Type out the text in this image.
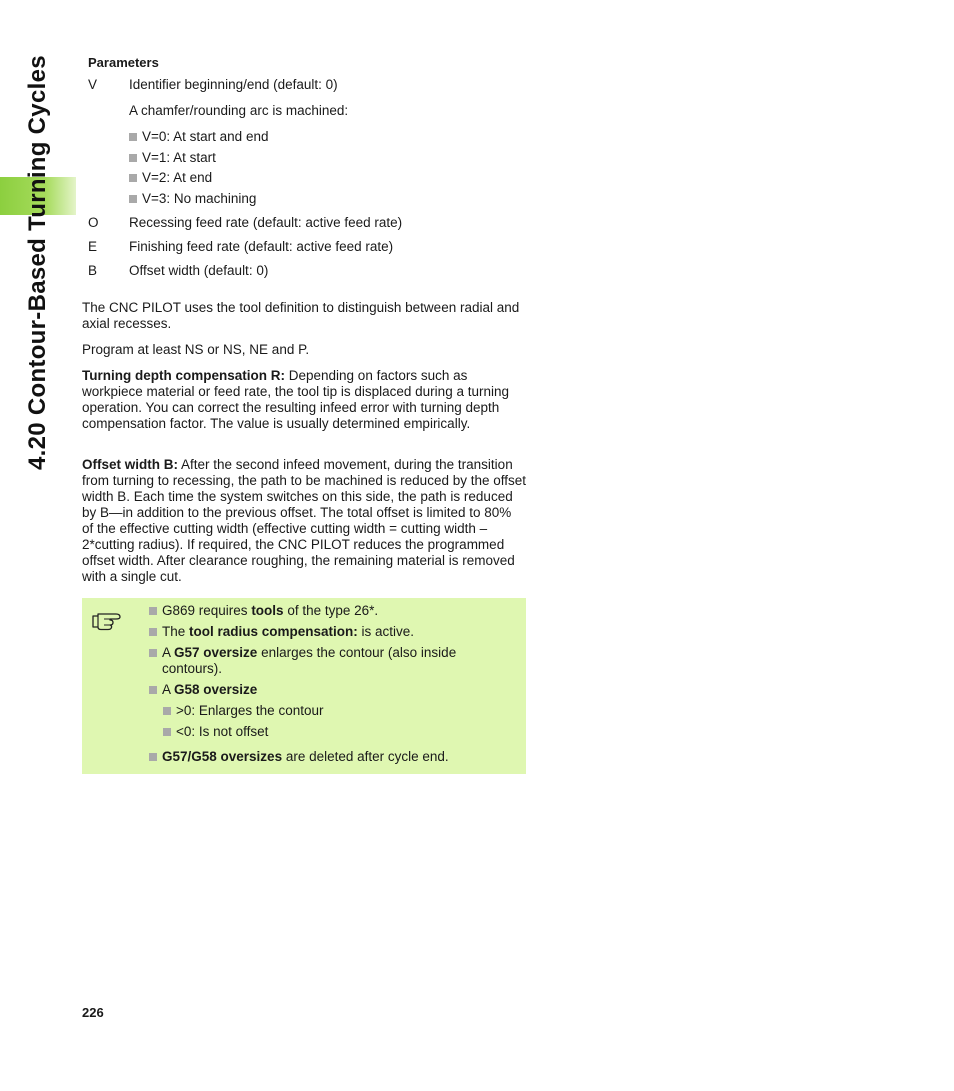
4.20 Contour-Based Turning Cycles	Parameters
V Identifier beginning/end (default: 0)
A chamfer/rounding arc is machined:
V=0: At start and end
V=1: At start
V=2: At end
V=3: No machining
O Recessing feed rate (default: active feed rate)
E Finishing feed rate (default: active feed rate)
B Offset width (default: 0)
The CNC PILOT uses the tool definition to distinguish between radial and axial recesses.
Program at least NS or NS, NE and P.
Turning depth compensation R: Depending on factors such as workpiece material or feed rate, the tool tip is displaced during a turning operation. You can correct the resulting infeed error with turning depth compensation factor. The value is usually determined empirically.
Offset width B: After the second infeed movement, during the transition from turning to recessing, the path to be machined is reduced by the offset width B. Each time the system switches on this side, the path is reduced by B—in addition to the previous offset. The total offset is limited to 80% of the effective cutting width (effective cutting width = cutting width –2*cutting radius). If required, the CNC PILOT reduces the programmed offset width. After clearance roughing, the remaining material is removed with a single cut.
G869 requires tools of the type 26*.
The tool radius compensation: is active.
A G57 oversize enlarges the contour (also inside contours).
A G58 oversize
>0: Enlarges the contour
<0: Is not offset
G57/G58 oversizes are deleted after cycle end.
226
